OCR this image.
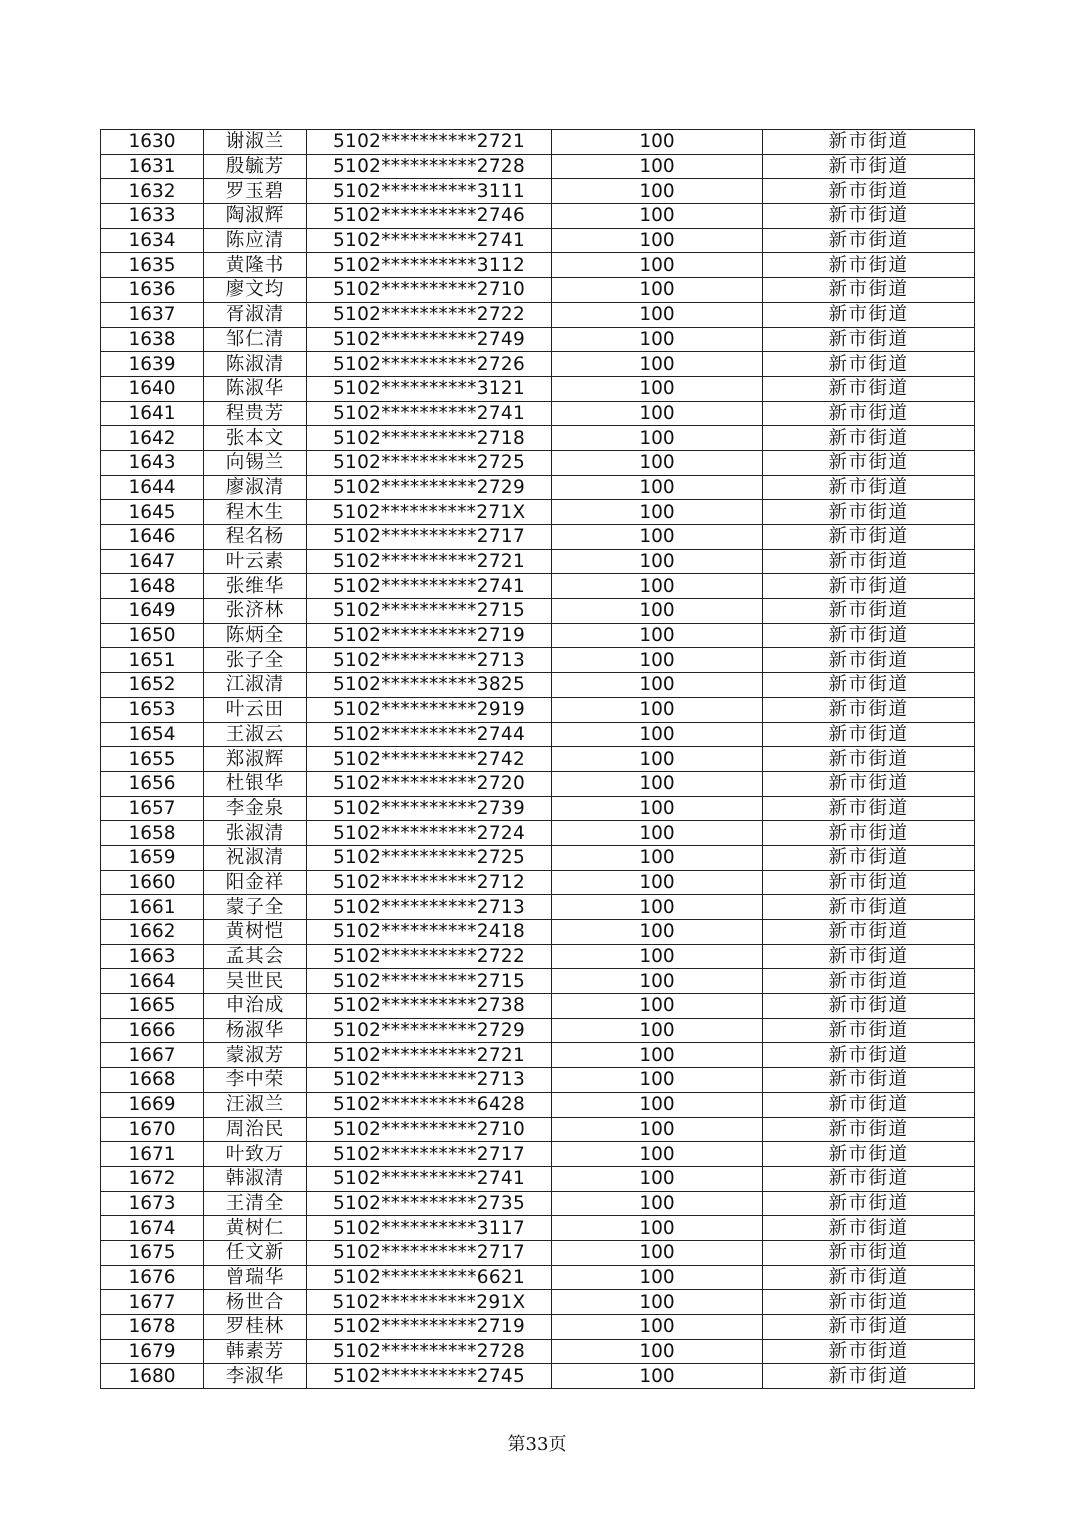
1630	谢淑兰	5102**********2721	100	新市街道
1631	殷毓芳	5102**********2728	100	新市街道
1632	罗玉碧	5102**********3111	100	新市街道
1633	陶淑辉	5102**********2746	100	新市街道
1634	陈应清	5102**********2741	100	新市街道
1635	黄隆书	5102**********3112	100	新市街道
1636	廖文均	5102**********2710	100	新市街道
1637	胥淑清	5102**********2722	100	新市街道
1638	邹仁清	5102**********2749	100	新市街道
1639	陈淑清	5102**********2726	100	新市街道
1640	陈淑华	5102**********3121	100	新市街道
1641	程贵芳	5102**********2741	100	新市街道
1642	张本文	5102**********2718	100	新市街道
1643	向锡兰	5102**********2725	100	新市街道
1644	廖淑清	5102**********2729	100	新市街道
1645	程木生	5102**********271X	100	新市街道
1646	程名杨	5102**********2717	100	新市街道
1647	叶云素	5102**********2721	100	新市街道
1648	张维华	5102**********2741	100	新市街道
1649	张济林	5102**********2715	100	新市街道
1650	陈炳全	5102**********2719	100	新市街道
1651	张子全	5102**********2713	100	新市街道
1652	江淑清	5102**********3825	100	新市街道
1653	叶云田	5102**********2919	100	新市街道
1654	王淑云	5102**********2744	100	新市街道
1655	郑淑辉	5102**********2742	100	新市街道
1656	杜银华	5102**********2720	100	新市街道
1657	李金泉	5102**********2739	100	新市街道
1658	张淑清	5102**********2724	100	新市街道
1659	祝淑清	5102**********2725	100	新市街道
1660	阳金祥	5102**********2712	100	新市街道
1661	蒙子全	5102**********2713	100	新市街道
1662	黄树恺	5102**********2418	100	新市街道
1663	孟其会	5102**********2722	100	新市街道
1664	吴世民	5102**********2715	100	新市街道
1665	申治成	5102**********2738	100	新市街道
1666	杨淑华	5102**********2729	100	新市街道
1667	蒙淑芳	5102**********2721	100	新市街道
1668	李中荣	5102**********2713	100	新市街道
1669	汪淑兰	5102**********6428	100	新市街道
1670	周治民	5102**********2710	100	新市街道
1671	叶致万	5102**********2717	100	新市街道
1672	韩淑清	5102**********2741	100	新市街道
1673	王清全	5102**********2735	100	新市街道
1674	黄树仁	5102**********3117	100	新市街道
1675	任文新	5102**********2717	100	新市街道
1676	曾瑞华	5102**********6621	100	新市街道
1677	杨世合	5102**********291X	100	新市街道
1678	罗桂林	5102**********2719	100	新市街道
1679	韩素芳	5102**********2728	100	新市街道
1680	李淑华	5102**********2745	100	新市街道
第33页
